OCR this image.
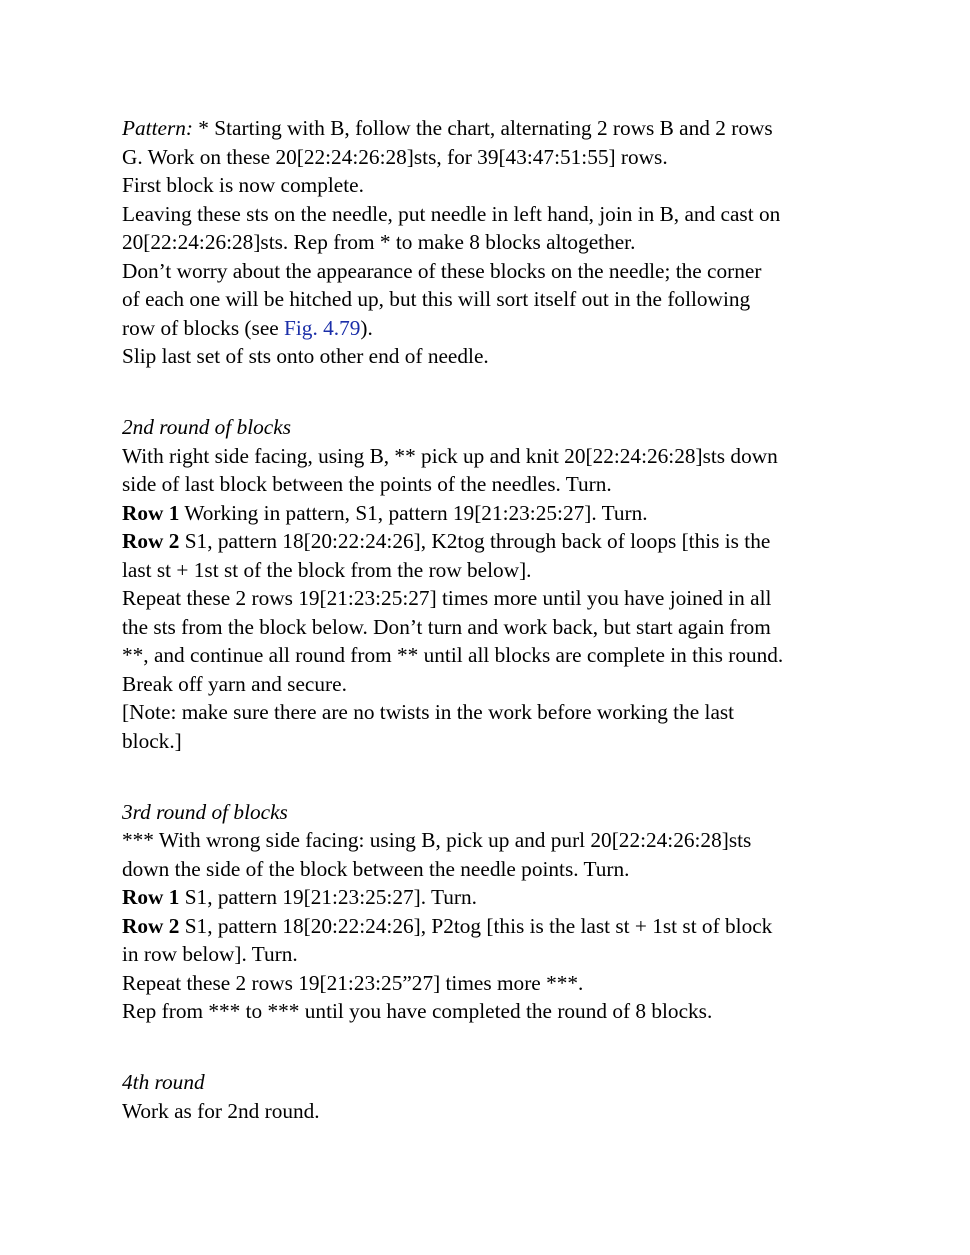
Pattern: * Starting with B, follow the chart, alternating 2 rows B and 2 rows
G. Work on these 20[22:24:26:28]sts, for 39[43:47:51:55] rows.
First block is now complete.
Leaving these sts on the needle, put needle in left hand, join in B, and cast on
20[22:24:26:28]sts. Rep from * to make 8 blocks altogether.
Don’t worry about the appearance of these blocks on the needle; the corner
of each one will be hitched up, but this will sort itself out in the following
row of blocks (see Fig. 4.79).
Slip last set of sts onto other end of needle.
2nd round of blocks
With right side facing, using B, ** pick up and knit 20[22:24:26:28]sts down
side of last block between the points of the needles. Turn.
Row 1 Working in pattern, S1, pattern 19[21:23:25:27]. Turn.
Row 2 S1, pattern 18[20:22:24:26], K2tog through back of loops [this is the
last st + 1st st of the block from the row below].
Repeat these 2 rows 19[21:23:25:27] times more until you have joined in all
the sts from the block below. Don’t turn and work back, but start again from
**, and continue all round from ** until all blocks are complete in this round.
Break off yarn and secure.
[Note: make sure there are no twists in the work before working the last
block.]
3rd round of blocks
*** With wrong side facing: using B, pick up and purl 20[22:24:26:28]sts
down the side of the block between the needle points. Turn.
Row 1 S1, pattern 19[21:23:25:27]. Turn.
Row 2 S1, pattern 18[20:22:24:26], P2tog [this is the last st + 1st st of block
in row below]. Turn.
Repeat these 2 rows 19[21:23:25”27] times more ***.
Rep from *** to *** until you have completed the round of 8 blocks.
4th round
Work as for 2nd round.
